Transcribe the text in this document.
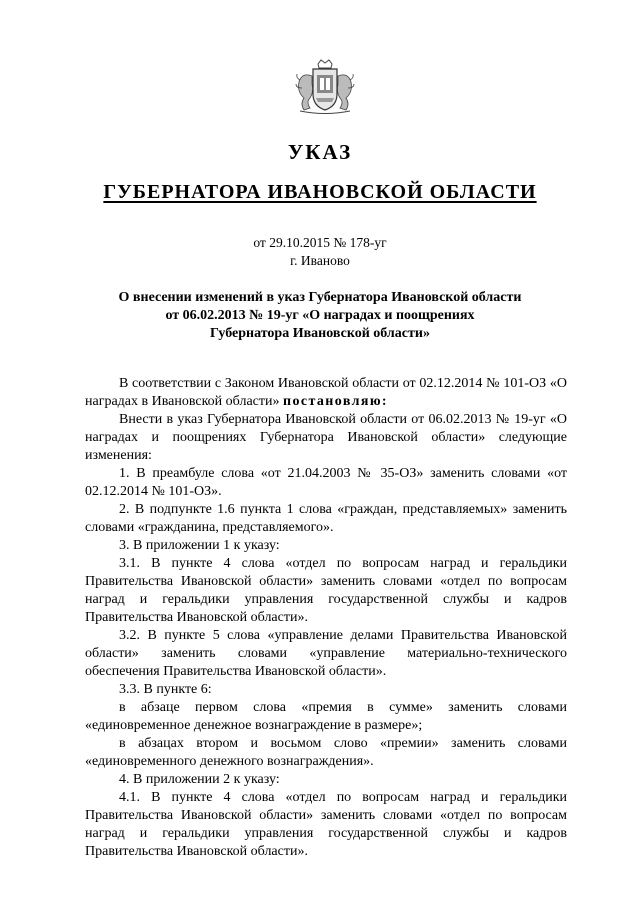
УКАЗ
ГУБЕРНАТОРА ИВАНОВСКОЙ ОБЛАСТИ
от 29.10.2015 № 178-уг
г. Иваново
О внесении изменений в указ Губернатора Ивановской области
от 06.02.2013 № 19-уг «О наградах и поощрениях
Губернатора Ивановской области»

В соответствии с Законом Ивановской области от 02.12.2014 № 101-ОЗ «О наградах в Ивановской области» постановляю:

Внести в указ Губернатора Ивановской области от 06.02.2013 № 19-уг «О наградах и поощрениях Губернатора Ивановской области» следующие изменения:

1. В преамбуле слова «от 21.04.2003 № 35-ОЗ» заменить словами «от 02.12.2014 № 101-ОЗ».

2. В подпункте 1.6 пункта 1 слова «граждан, представляемых» заменить словами «гражданина, представляемого».

3. В приложении 1 к указу:

3.1. В пункте 4 слова «отдел по вопросам наград и геральдики Правительства Ивановской области» заменить словами «отдел по вопросам наград и геральдики управления государственной службы и кадров Правительства Ивановской области».

3.2. В пункте 5 слова «управление делами Правительства Ивановской области» заменить словами «управление материально-технического обеспечения Правительства Ивановской области».

3.3. В пункте 6:

в абзаце первом слова «премия в сумме» заменить словами «единовременное денежное вознаграждение в размере»;

в абзацах втором и восьмом слово «премии» заменить словами «единовременного денежного вознаграждения».

4. В приложении 2 к указу:

4.1. В пункте 4 слова «отдел по вопросам наград и геральдики Правительства Ивановской области» заменить словами «отдел по вопросам наград и геральдики управления государственной службы и кадров Правительства Ивановской области».
